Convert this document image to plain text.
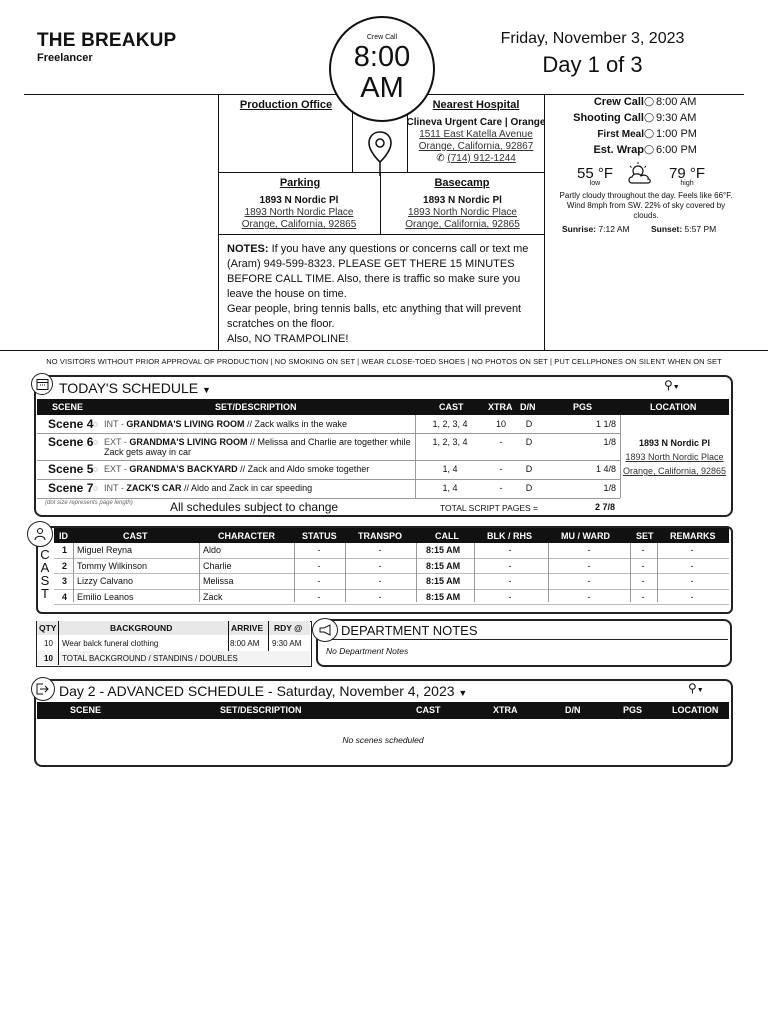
THE BREAKUP
Freelancer
Friday, November 3, 2023
Day 1 of 3
Crew Call
8:00
AM
Production Office	Nearest Hospital
Clineva Urgent Care | Orange
1511 East Katella Avenue
Orange, California, 92867
✆ (714) 912-1244
Parking
1893 N Nordic Pl
1893 North Nordic Place
Orange, California, 92865
Basecamp
1893 N Nordic Pl
1893 North Nordic Place
Orange, California, 92865
NOTES: If you have any questions or concerns call or text me (Aram) 949-599-8323. PLEASE GET THERE 15 MINUTES BEFORE CALL TIME. Also, there is traffic so make sure you leave the house on time.
Gear people, bring tennis balls, etc anything that will prevent scratches on the floor.
Also, NO TRAMPOLINE!
Crew Call ◯ 8:00 AM
Shooting Call ◯ 9:30 AM
First Meal ◯ 1:00 PM
Est. Wrap ◯ 6:00 PM
55 °F
low
79 °F
high
Partly cloudy throughout the day. Feels like 66°F. Wind 8mph from SW. 22% of sky covered by clouds.
Sunrise: 7:12 AM	Sunset: 5:57 PM
NO VISITORS WITHOUT PRIOR APPROVAL OF PRODUCTION | NO SMOKING ON SET | WEAR CLOSE-TOED SHOES | NO PHOTOS ON SET | PUT CELLPHONES ON SILENT WHEN ON SET
TODAY'S SCHEDULE ▼	⚲▼
SCENE	SET/DESCRIPTION	CAST	XTRA D/N	PGS	LOCATION
Scene 4 ○ INT - GRANDMA'S LIVING ROOM // Zack walks in the wake	1, 2, 3, 4	10	D	1 1/8
Scene 6 ○ EXT - GRANDMA'S LIVING ROOM // Melissa and Charlie are together while
Zack gets away in car
1, 2, 3, 4	-	D	1/8
Scene 5 ○ EXT - GRANDMA'S BACKYARD // Zack and Aldo smoke together	1, 4	-	D	1 4/8
Scene 7 ○ INT - ZACK'S CAR // Aldo and Zack in car speeding	1, 4	-	D	1/8
1893 N Nordic Pl
1893 North Nordic Place
Orange, California, 92865
(dot size represents page length)	All schedules subject to change	TOTAL SCRIPT PAGES =	2 7/8
C
A
S
T
ID	CAST	CHARACTER	STATUS TRANSPO	CALL	BLK / RHS	MU / WARD	SET REMARKS
1 Miguel Reyna	Aldo	-	-	8:15 AM	-	-	-	-
2 Tommy Wilkinson	Charlie	-	-	8:15 AM	-	-	-	-
3 Lizzy Calvano	Melissa	-	-	8:15 AM	-	-	-	-
4 Emilio Leanos	Zack	-	-	8:15 AM	-	-	-	-
QTY	BACKGROUND	ARRIVE RDY @
10 Wear balck funeral clothing	8:00 AM 9:30 AM
10 TOTAL BACKGROUND / STANDINS / DOUBLES
DEPARTMENT NOTES
No Department Notes
Day 2 - ADVANCED SCHEDULE - Saturday, November 4, 2023 ▼	⚲▼
SCENE	SET/DESCRIPTION	CAST	XTRA	D/N	PGS	LOCATION
No scenes scheduled
